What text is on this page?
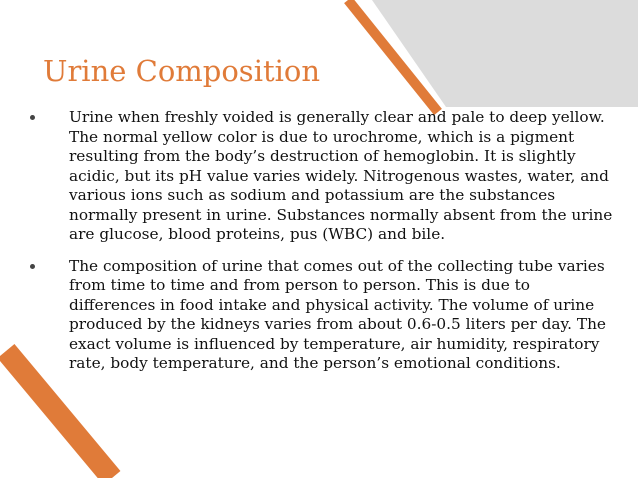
Urine Composition
Urine when freshly voided is generally clear and pale to deep yellow. The normal yellow color is due to urochrome, which is a pigment resulting from the body’s destruction of hemoglobin. It is slightly acidic, but its pH value varies widely. Nitrogenous wastes, water, and various ions such as sodium and potassium are the substances normally present in urine. Substances normally absent from the urine are glucose, blood proteins, pus (WBC) and bile.
The composition of urine that comes out of the collecting tube varies from time to time and from person to person. This is due to differences in food intake and physical activity. The volume of urine produced by the kidneys varies from about 0.6-0.5 liters per day. The exact volume is influenced by temperature, air humidity, respiratory rate, body temperature, and the person’s emotional conditions.
